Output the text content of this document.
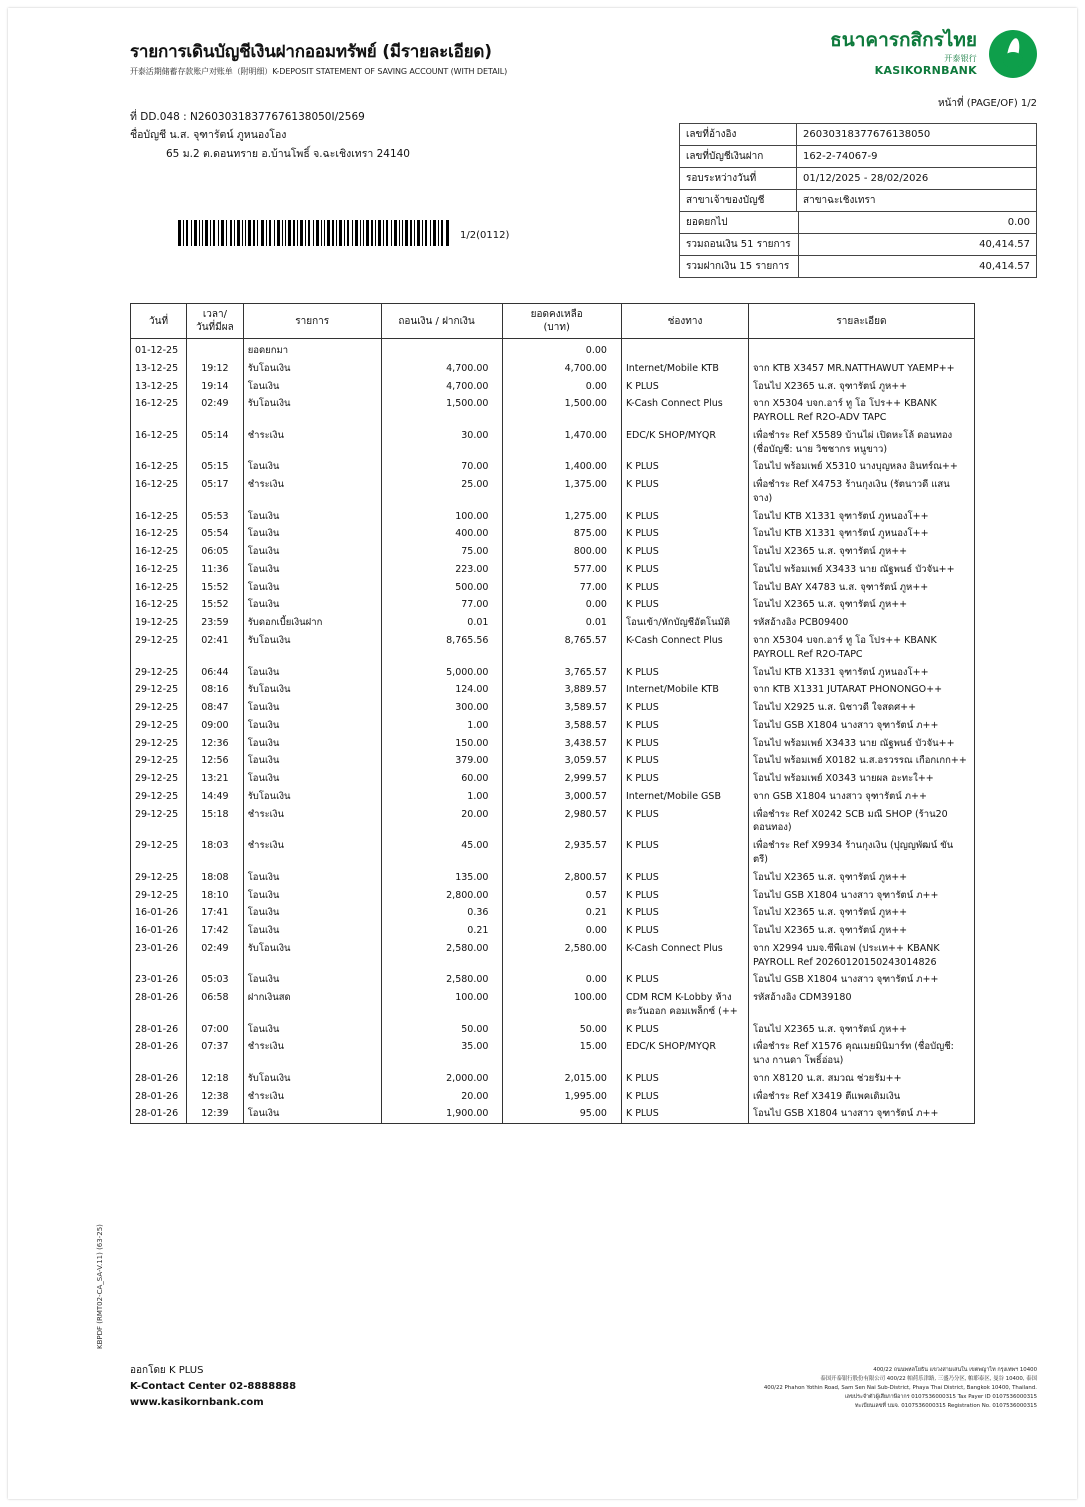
รายการเดินบัญชีเงินฝากออมทรัพย์ (มีรายละเอียด)
开泰活期储蓄存款账户对账单（附明细）K-DEPOSIT STATEMENT OF SAVING ACCOUNT (WITH DETAIL)
ธนาคารกสิกรไทย
开泰银行
KASIKORNBANK
หน้าที่ (PAGE/OF) 1/2
ที่ DD.048 : N26030318377676138050I/2569
ชื่อบัญชี น.ส. จุฑารัตน์ ภูหนองโอง
65 ม.2 ต.ดอนทราย อ.บ้านโพธิ์ จ.ฉะเชิงเทรา 24140
1/2(0112)
เลขที่อ้างอิง	26030318377676138050	
เลขที่บัญชีเงินฝาก	162-2-74067-9	
รอบระหว่างวันที่	01/12/2025 - 28/02/2026	
สาขาเจ้าของบัญชี	สาขาฉะเชิงเทรา	
ยอดยกไป		0.00
รวมถอนเงิน 51 รายการ		40,414.57
รวมฝากเงิน 15 รายการ		40,414.57
วันที่	เวลา/
วันที่มีผล	รายการ	ถอนเงิน / ฝากเงิน	ยอดคงเหลือ
(บาท)	ช่องทาง	รายละเอียด
01-12-25		ยอดยกมา		0.00		
13-12-25	19:12	รับโอนเงิน	4,700.00	4,700.00	Internet/Mobile KTB	จาก KTB X3457 MR.NATTHAWUT YAEMP++
13-12-25	19:14	โอนเงิน	4,700.00	0.00	K PLUS	โอนไป X2365 น.ส. จุฑารัตน์ ภูห++
16-12-25	02:49	รับโอนเงิน	1,500.00	1,500.00	K-Cash Connect Plus	จาก X5304 บจก.อาร์ ทู โอ โปร++ KBANK
PAYROLL Ref R2O-ADV TAPC
16-12-25	05:14	ชำระเงิน	30.00	1,470.00	EDC/K SHOP/MYQR	เพื่อชำระ Ref X5589 บ้านไผ่ เปิดหะโล้ ดอนทอง
(ชื่อบัญชี: นาย วิชชากร หนูขาว)
16-12-25	05:15	โอนเงิน	70.00	1,400.00	K PLUS	โอนไป พร้อมเพย์ X5310 นางบุญหลง อินทร์ณ++
16-12-25	05:17	ชำระเงิน	25.00	1,375.00	K PLUS	เพื่อชำระ Ref X4753 ร้านกุงเงิน (รัตนาวดี แสน
จาง)
16-12-25	05:53	โอนเงิน	100.00	1,275.00	K PLUS	โอนไป KTB X1331 จุฑารัตน์ ภูหนองโ++
16-12-25	05:54	โอนเงิน	400.00	875.00	K PLUS	โอนไป KTB X1331 จุฑารัตน์ ภูหนองโ++
16-12-25	06:05	โอนเงิน	75.00	800.00	K PLUS	โอนไป X2365 น.ส. จุฑารัตน์ ภูห++
16-12-25	11:36	โอนเงิน	223.00	577.00	K PLUS	โอนไป พร้อมเพย์ X3433 นาย ณัฐพนธ์ บัวจัน++
16-12-25	15:52	โอนเงิน	500.00	77.00	K PLUS	โอนไป BAY X4783 น.ส. จุฑารัตน์ ภูห++
16-12-25	15:52	โอนเงิน	77.00	0.00	K PLUS	โอนไป X2365 น.ส. จุฑารัตน์ ภูห++
19-12-25	23:59	รับดอกเบี้ยเงินฝาก	0.01	0.01	โอนเข้า/หักบัญชีอัตโนมัติ	รหัสอ้างอิง PCB09400
29-12-25	02:41	รับโอนเงิน	8,765.56	8,765.57	K-Cash Connect Plus	จาก X5304 บจก.อาร์ ทู โอ โปร++ KBANK
PAYROLL Ref R2O-TAPC
29-12-25	06:44	โอนเงิน	5,000.00	3,765.57	K PLUS	โอนไป KTB X1331 จุฑารัตน์ ภูหนองโ++
29-12-25	08:16	รับโอนเงิน	124.00	3,889.57	Internet/Mobile KTB	จาก KTB X1331 JUTARAT PHONONGO++
29-12-25	08:47	โอนเงิน	300.00	3,589.57	K PLUS	โอนไป X2925 น.ส. นิชาวดี ใจสดศ++
29-12-25	09:00	โอนเงิน	1.00	3,588.57	K PLUS	โอนไป GSB X1804 นางสาว จุฑารัตน์ ภ++
29-12-25	12:36	โอนเงิน	150.00	3,438.57	K PLUS	โอนไป พร้อมเพย์ X3433 นาย ณัฐพนธ์ บัวจัน++
29-12-25	12:56	โอนเงิน	379.00	3,059.57	K PLUS	โอนไป พร้อมเพย์ X0182 น.ส.อรวรรณ เกือกเกก++
29-12-25	13:21	โอนเงิน	60.00	2,999.57	K PLUS	โอนไป พร้อมเพย์ X0343 นายผล อะทะใ++
29-12-25	14:49	รับโอนเงิน	1.00	3,000.57	Internet/Mobile GSB	จาก GSB X1804 นางสาว จุฑารัตน์ ภ++
29-12-25	15:18	ชำระเงิน	20.00	2,980.57	K PLUS	เพื่อชำระ Ref X0242 SCB มณี SHOP (ร้าน20
ดอนทอง)
29-12-25	18:03	ชำระเงิน	45.00	2,935.57	K PLUS	เพื่อชำระ Ref X9934 ร้านกุงเงิน (ปุญญพัฒน์ ขัน
ตรี)
29-12-25	18:08	โอนเงิน	135.00	2,800.57	K PLUS	โอนไป X2365 น.ส. จุฑารัตน์ ภูห++
29-12-25	18:10	โอนเงิน	2,800.00	0.57	K PLUS	โอนไป GSB X1804 นางสาว จุฑารัตน์ ภ++
16-01-26	17:41	โอนเงิน	0.36	0.21	K PLUS	โอนไป X2365 น.ส. จุฑารัตน์ ภูห++
16-01-26	17:42	โอนเงิน	0.21	0.00	K PLUS	โอนไป X2365 น.ส. จุฑารัตน์ ภูห++
23-01-26	02:49	รับโอนเงิน	2,580.00	2,580.00	K-Cash Connect Plus	จาก X2994 บมจ.ซีพีเอฟ (ประเท++ KBANK
PAYROLL Ref 20260120150243014826
23-01-26	05:03	โอนเงิน	2,580.00	0.00	K PLUS	โอนไป GSB X1804 นางสาว จุฑารัตน์ ภ++
28-01-26	06:58	ฝากเงินสด	100.00	100.00	CDM RCM K-Lobby ห้าง
ตะวันออก คอมเพล็กซ์ (++	รหัสอ้างอิง CDM39180
28-01-26	07:00	โอนเงิน	50.00	50.00	K PLUS	โอนไป X2365 น.ส. จุฑารัตน์ ภูห++
28-01-26	07:37	ชำระเงิน	35.00	15.00	EDC/K SHOP/MYQR	เพื่อชำระ Ref X1576 คุณเมยมินิมาร์ท (ชื่อบัญชี:
นาง กานดา โพธิ์อ่อน)
28-01-26	12:18	รับโอนเงิน	2,000.00	2,015.00	K PLUS	จาก X8120 น.ส. สมวณ ช่วยรัม++
28-01-26	12:38	ชำระเงิน	20.00	1,995.00	K PLUS	เพื่อชำระ Ref X3419 ตีแพคเดิมเงิน
28-01-26	12:39	โอนเงิน	1,900.00	95.00	K PLUS	โอนไป GSB X1804 นางสาว จุฑารัตน์ ภ++
ออกโดย K PLUS
K-Contact Center 02-8888888
www.kasikornbank.com
400/22 ถนนพหลโยธิน แขวงสามเสนใน เขตพญาไท กรุงเทพฯ 10400
泰国开泰银行股份有限公司 400/22 帕荷乐津路, 三盛乃分区, 帕耶泰区, 曼谷 10400, 泰国
400/22 Phahon Yothin Road, Sam Sen Nai Sub-District, Phaya Thai District, Bangkok 10400, Thailand.
เลขประจำตัวผู้เสียภาษีอากร 0107536000315 Tax Payer ID 0107536000315
ทะเบียนเลขที่ บมจ. 0107536000315 Registration No. 0107536000315
KBPDF (RMT02-CA_SA-V.11) (63-25)
